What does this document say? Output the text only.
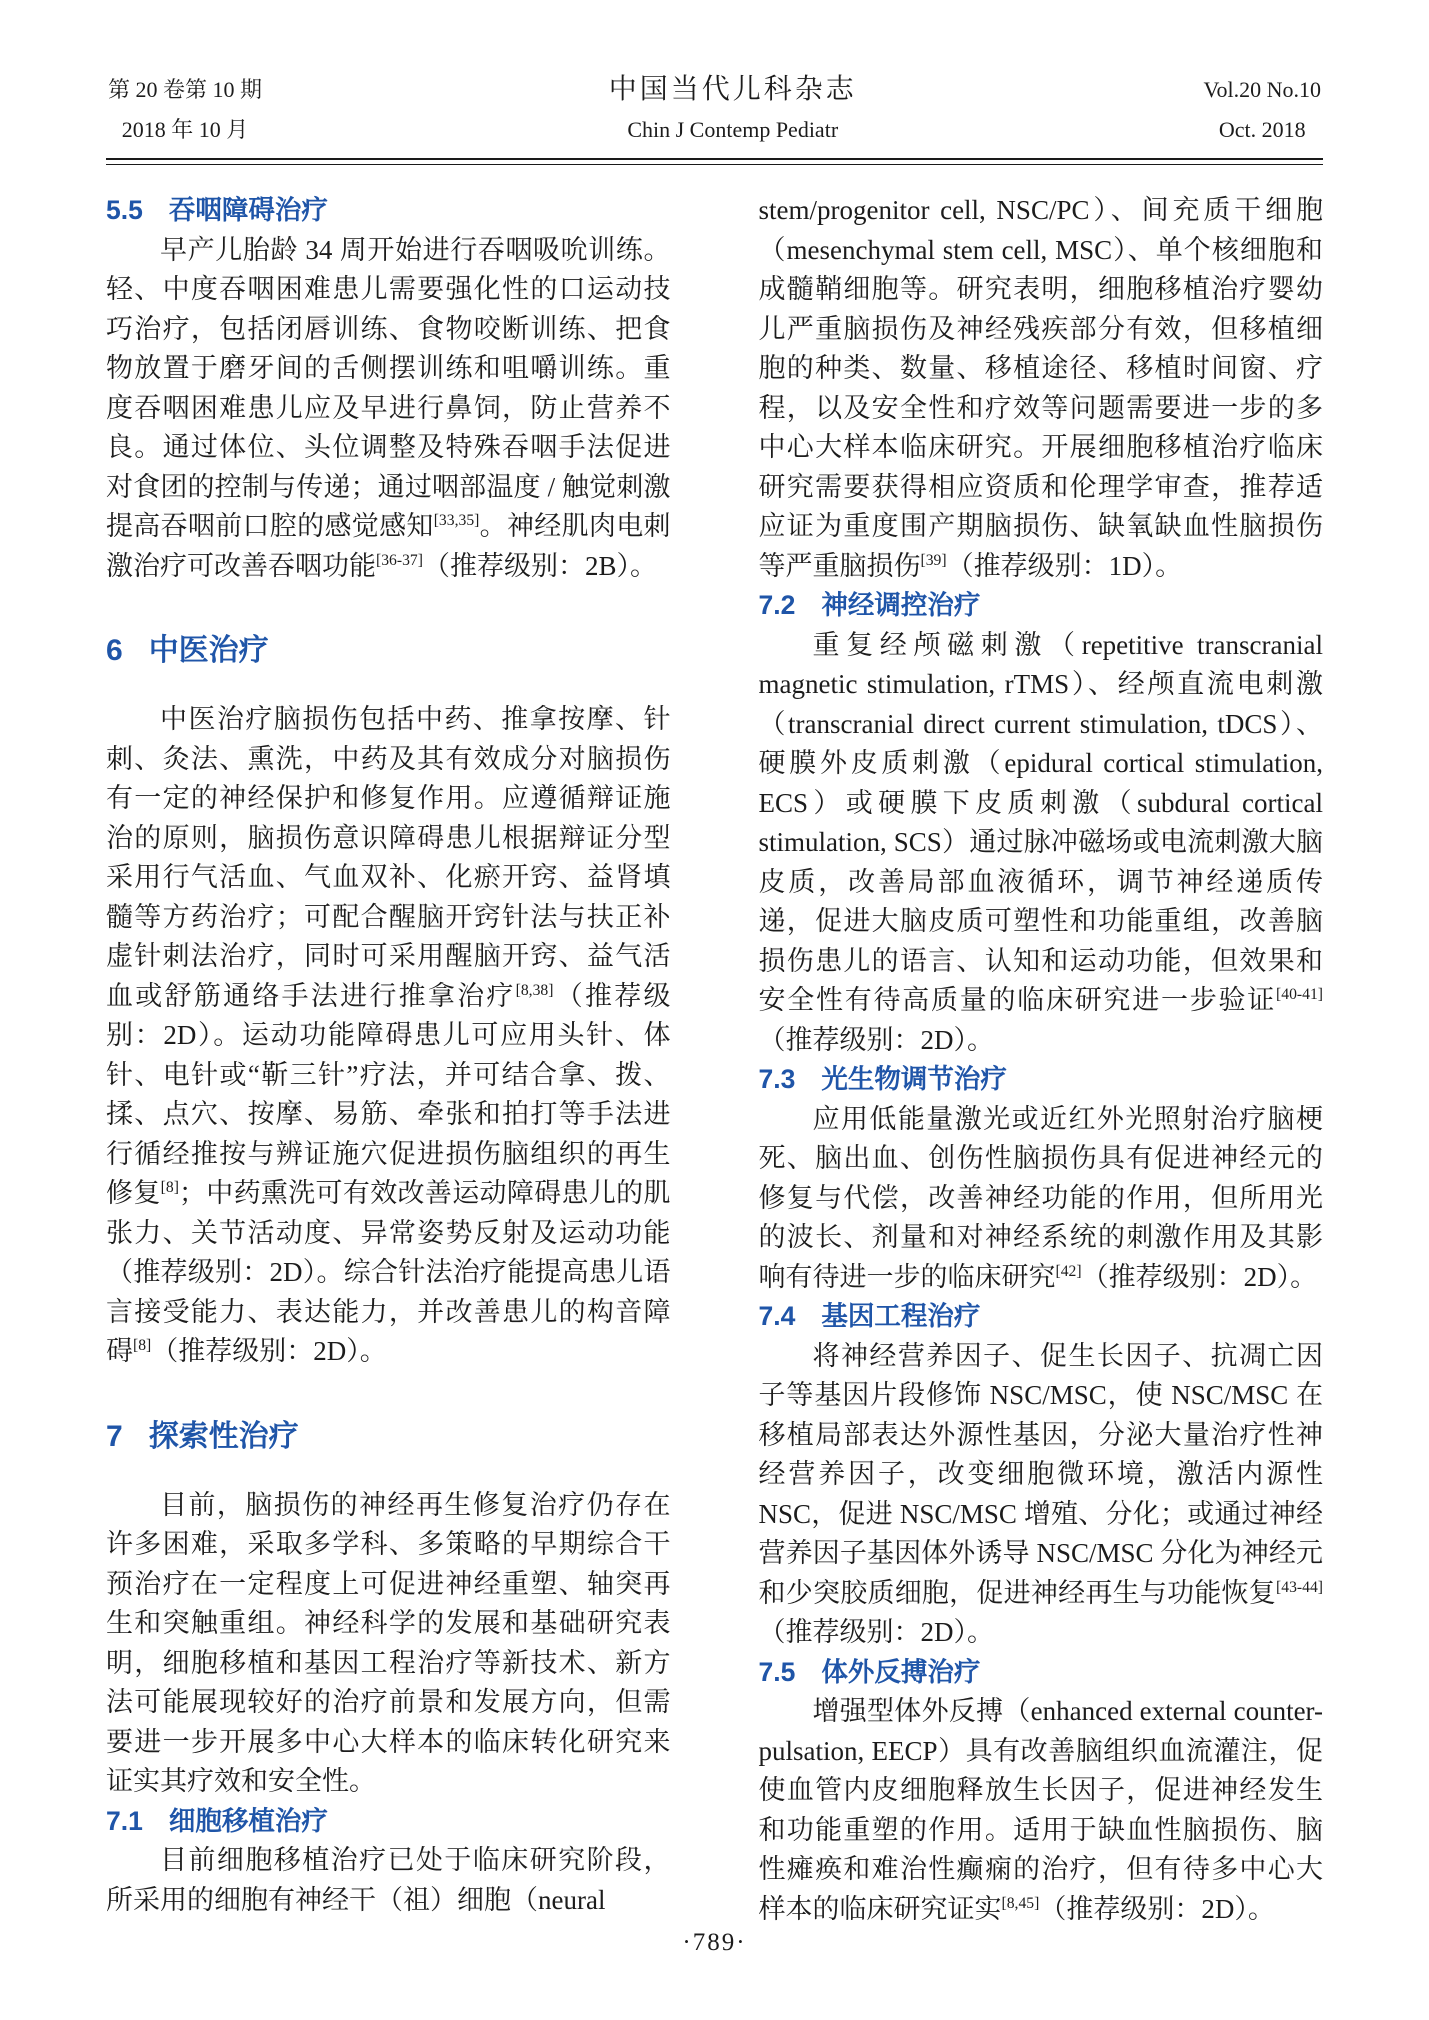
第 20 卷第 10 期
2018 年 10 月
中国当代儿科杂志
Chin J Contemp Pediatr
Vol.20 No.10
Oct. 2018
5.5 吞咽障碍治疗

早产儿胎龄 34 周开始进行吞咽吸吮训练。轻、中度吞咽困难患儿需要强化性的口运动技巧治疗，包括闭唇训练、食物咬断训练、把食物放置于磨牙间的舌侧摆训练和咀嚼训练。重度吞咽困难患儿应及早进行鼻饲，防止营养不良。通过体位、头位调整及特殊吞咽手法促进对食团的控制与传递；通过咽部温度 / 触觉刺激提高吞咽前口腔的感觉感知[33,35]。神经肌肉电刺激治疗可改善吞咽功能[36-37]（推荐级别：2B）。

6 中医治疗

中医治疗脑损伤包括中药、推拿按摩、针刺、灸法、熏洗，中药及其有效成分对脑损伤有一定的神经保护和修复作用。应遵循辩证施治的原则，脑损伤意识障碍患儿根据辩证分型采用行气活血、气血双补、化瘀开窍、益肾填髓等方药治疗；可配合醒脑开窍针法与扶正补虚针刺法治疗，同时可采用醒脑开窍、益气活血或舒筋通络手法进行推拿治疗[8,38]（推荐级别：2D）。运动功能障碍患儿可应用头针、体针、电针或“靳三针”疗法，并可结合拿、拨、揉、点穴、按摩、易筋、牵张和拍打等手法进行循经推按与辨证施穴促进损伤脑组织的再生修复[8]；中药熏洗可有效改善运动障碍患儿的肌张力、关节活动度、异常姿势反射及运动功能（推荐级别：2D）。综合针法治疗能提高患儿语言接受能力、表达能力，并改善患儿的构音障碍[8]（推荐级别：2D）。

7 探索性治疗

目前，脑损伤的神经再生修复治疗仍存在许多困难，采取多学科、多策略的早期综合干预治疗在一定程度上可促进神经重塑、轴突再生和突触重组。神经科学的发展和基础研究表明，细胞移植和基因工程治疗等新技术、新方法可能展现较好的治疗前景和发展方向，但需要进一步开展多中心大样本的临床转化研究来证实其疗效和安全性。

7.1 细胞移植治疗

目前细胞移植治疗已处于临床研究阶段，所采用的细胞有神经干（祖）细胞（neural

stem/progenitor cell, NSC/PC）、间充质干细胞（mesenchymal stem cell, MSC）、单个核细胞和成髓鞘细胞等。研究表明，细胞移植治疗婴幼儿严重脑损伤及神经残疾部分有效，但移植细胞的种类、数量、移植途径、移植时间窗、疗程，以及安全性和疗效等问题需要进一步的多中心大样本临床研究。开展细胞移植治疗临床研究需要获得相应资质和伦理学审查，推荐适应证为重度围产期脑损伤、缺氧缺血性脑损伤等严重脑损伤[39]（推荐级别：1D）。

7.2 神经调控治疗

重复经颅磁刺激（repetitive transcranial magnetic stimulation, rTMS）、经颅直流电刺激（transcranial direct current stimulation, tDCS）、硬膜外皮质刺激（epidural cortical stimulation, ECS）或硬膜下皮质刺激（subdural cortical stimulation, SCS）通过脉冲磁场或电流刺激大脑皮质，改善局部血液循环，调节神经递质传递，促进大脑皮质可塑性和功能重组，改善脑损伤患儿的语言、认知和运动功能，但效果和安全性有待高质量的临床研究进一步验证[40-41]（推荐级别：2D）。

7.3 光生物调节治疗

应用低能量激光或近红外光照射治疗脑梗死、脑出血、创伤性脑损伤具有促进神经元的修复与代偿，改善神经功能的作用，但所用光的波长、剂量和对神经系统的刺激作用及其影响有待进一步的临床研究[42]（推荐级别：2D）。

7.4 基因工程治疗

将神经营养因子、促生长因子、抗凋亡因子等基因片段修饰 NSC/MSC，使 NSC/MSC 在移植局部表达外源性基因，分泌大量治疗性神经营养因子，改变细胞微环境，激活内源性 NSC，促进 NSC/MSC 增殖、分化；或通过神经营养因子基因体外诱导 NSC/MSC 分化为神经元和少突胶质细胞，促进神经再生与功能恢复[43-44]（推荐级别：2D）。

7.5 体外反搏治疗

增强型体外反搏（enhanced external counter-pulsation, EECP）具有改善脑组织血流灌注，促使血管内皮细胞释放生长因子，促进神经发生和功能重塑的作用。适用于缺血性脑损伤、脑性瘫痪和难治性癫痫的治疗，但有待多中心大样本的临床研究证实[8,45]（推荐级别：2D）。

·789·
